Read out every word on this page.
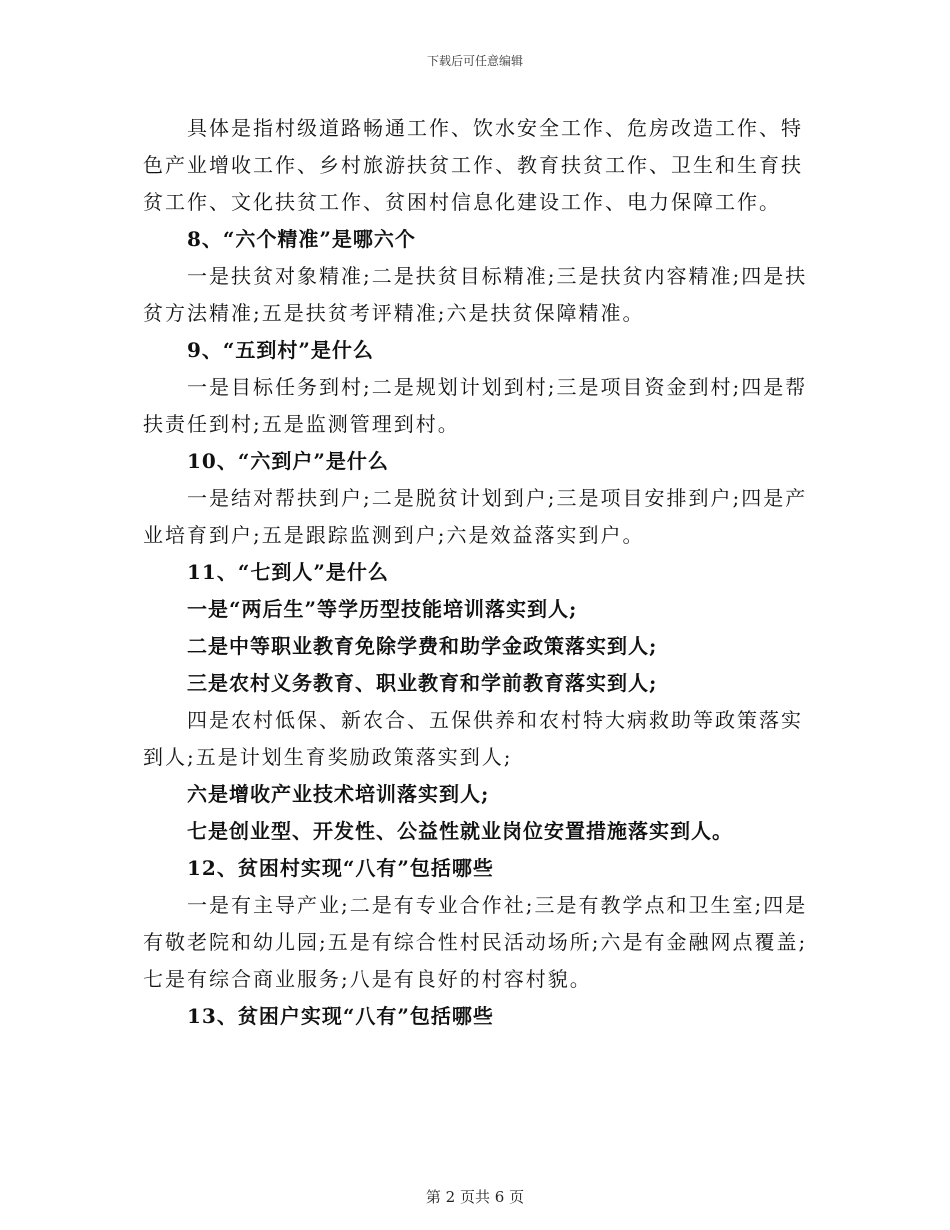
下载后可任意编辑

具体是指村级道路畅通工作、饮水安全工作、危房改造工作、特色产业增收工作、乡村旅游扶贫工作、教育扶贫工作、卫生和生育扶贫工作、文化扶贫工作、贫困村信息化建设工作、电力保障工作。

8、“六个精准”是哪六个

一是扶贫对象精准;二是扶贫目标精准;三是扶贫内容精准;四是扶贫方法精准;五是扶贫考评精准;六是扶贫保障精准。

9、“五到村”是什么

一是目标任务到村;二是规划计划到村;三是项目资金到村;四是帮扶责任到村;五是监测管理到村。

10、“六到户”是什么

一是结对帮扶到户;二是脱贫计划到户;三是项目安排到户;四是产业培育到户;五是跟踪监测到户;六是效益落实到户。

11、“七到人”是什么

一是“两后生”等学历型技能培训落实到人;

二是中等职业教育免除学费和助学金政策落实到人;

三是农村义务教育、职业教育和学前教育落实到人;

四是农村低保、新农合、五保供养和农村特大病救助等政策落实到人;五是计划生育奖励政策落实到人;

六是增收产业技术培训落实到人;

七是创业型、开发性、公益性就业岗位安置措施落实到人。

12、贫困村实现“八有”包括哪些

一是有主导产业;二是有专业合作社;三是有教学点和卫生室;四是有敬老院和幼儿园;五是有综合性村民活动场所;六是有金融网点覆盖;七是有综合商业服务;八是有良好的村容村貌。

13、贫困户实现“八有”包括哪些

第 2 页共 6 页
